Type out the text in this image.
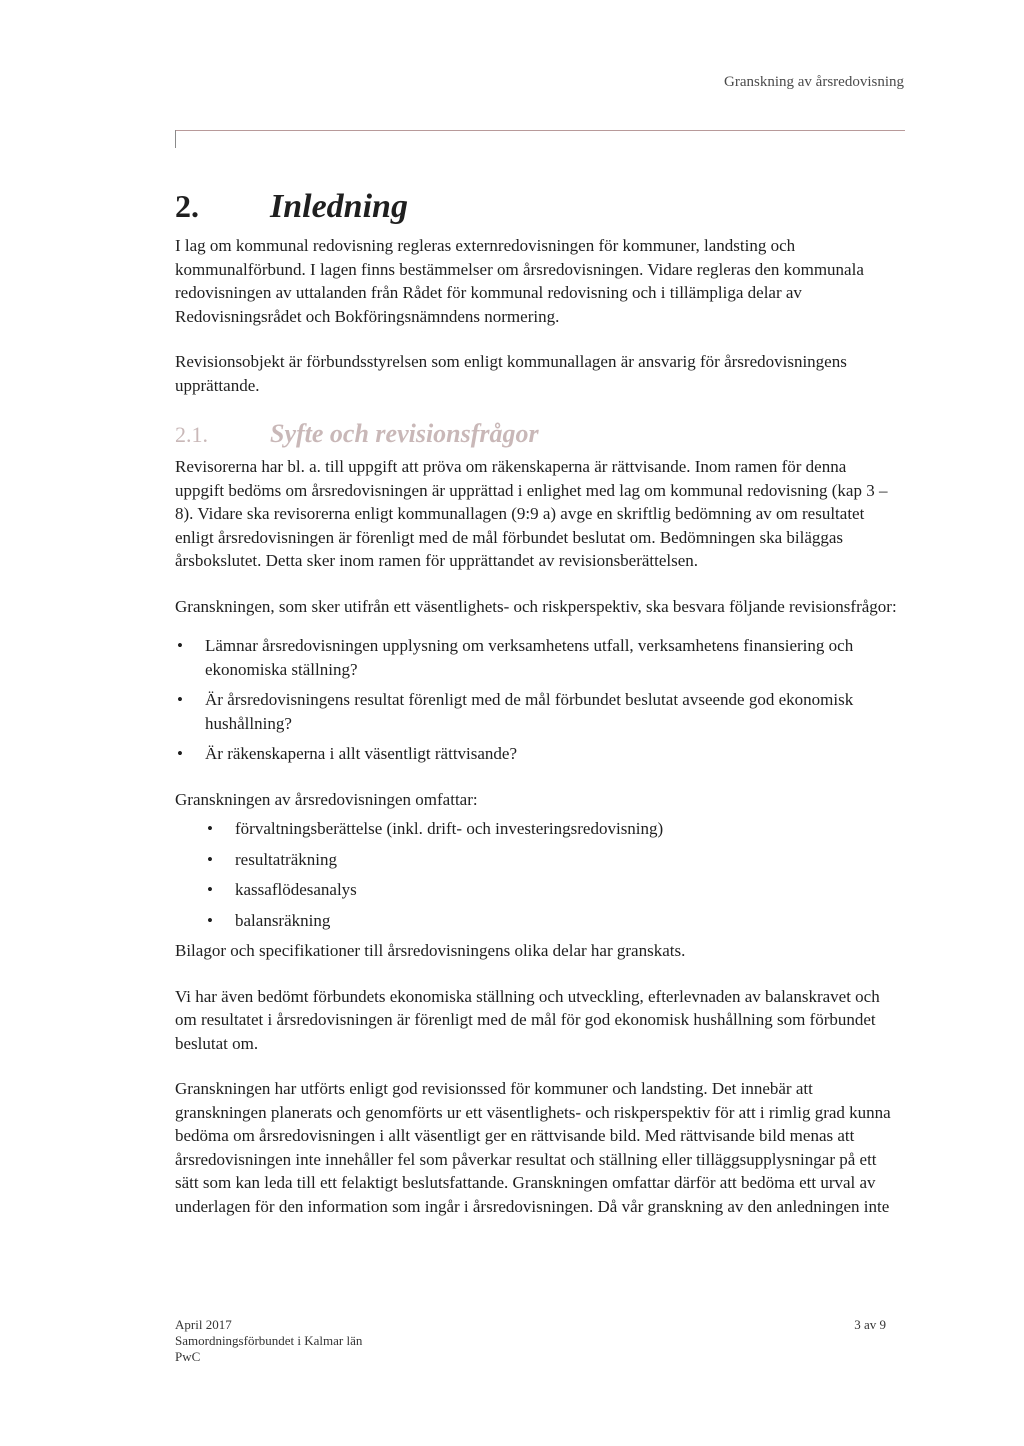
Granskning av årsredovisning
2.	Inledning

I lag om kommunal redovisning regleras externredovisningen för kommuner, landsting och kommunalförbund. I lagen finns bestämmelser om årsredovisningen. Vidare regleras den kommunala redovisningen av uttalanden från Rådet för kommunal redovisning och i tillämpliga delar av Redovisningsrådet och Bokföringsnämndens normering.

Revisionsobjekt är förbundsstyrelsen som enligt kommunallagen är ansvarig för årsredovisningens upprättande.

2.1.	Syfte och revisionsfrågor

Revisorerna har bl. a. till uppgift att pröva om räkenskaperna är rättvisande. Inom ramen för denna uppgift bedöms om årsredovisningen är upprättad i enlighet med lag om kommunal redovisning (kap 3 – 8). Vidare ska revisorerna enligt kommunallagen (9:9 a) avge en skriftlig bedömning av om resultatet enligt årsredovisningen är förenligt med de mål förbundet beslutat om. Bedömningen ska biläggas årsbokslutet. Detta sker inom ramen för upprättandet av revisionsberättelsen.

Granskningen, som sker utifrån ett väsentlighets- och riskperspektiv, ska besvara följande revisionsfrågor:

• Lämnar årsredovisningen upplysning om verksamhetens utfall, verksamhetens finansiering och ekonomiska ställning?
• Är årsredovisningens resultat förenligt med de mål förbundet beslutat avseende god ekonomisk hushållning?
• Är räkenskaperna i allt väsentligt rättvisande?

Granskningen av årsredovisningen omfattar:

• förvaltningsberättelse (inkl. drift- och investeringsredovisning)
• resultaträkning
• kassaflödesanalys
• balansräkning

Bilagor och specifikationer till årsredovisningens olika delar har granskats.

Vi har även bedömt förbundets ekonomiska ställning och utveckling, efterlevnaden av balanskravet och om resultatet i årsredovisningen är förenligt med de mål för god ekonomisk hushållning som förbundet beslutat om.

Granskningen har utförts enligt god revisionssed för kommuner och landsting. Det innebär att granskningen planerats och genomförts ur ett väsentlighets- och riskperspektiv för att i rimlig grad kunna bedöma om årsredovisningen i allt väsentligt ger en rättvisande bild. Med rättvisande bild menas att årsredovisningen inte innehåller fel som påverkar resultat och ställning eller tilläggsupplysningar på ett sätt som kan leda till ett felaktigt beslutsfattande. Granskningen omfattar därför att bedöma ett urval av underlagen för den information som ingår i årsredovisningen. Då vår granskning av den anledningen inte

April 2017
Samordningsförbundet i Kalmar län
PwC
3 av 9
